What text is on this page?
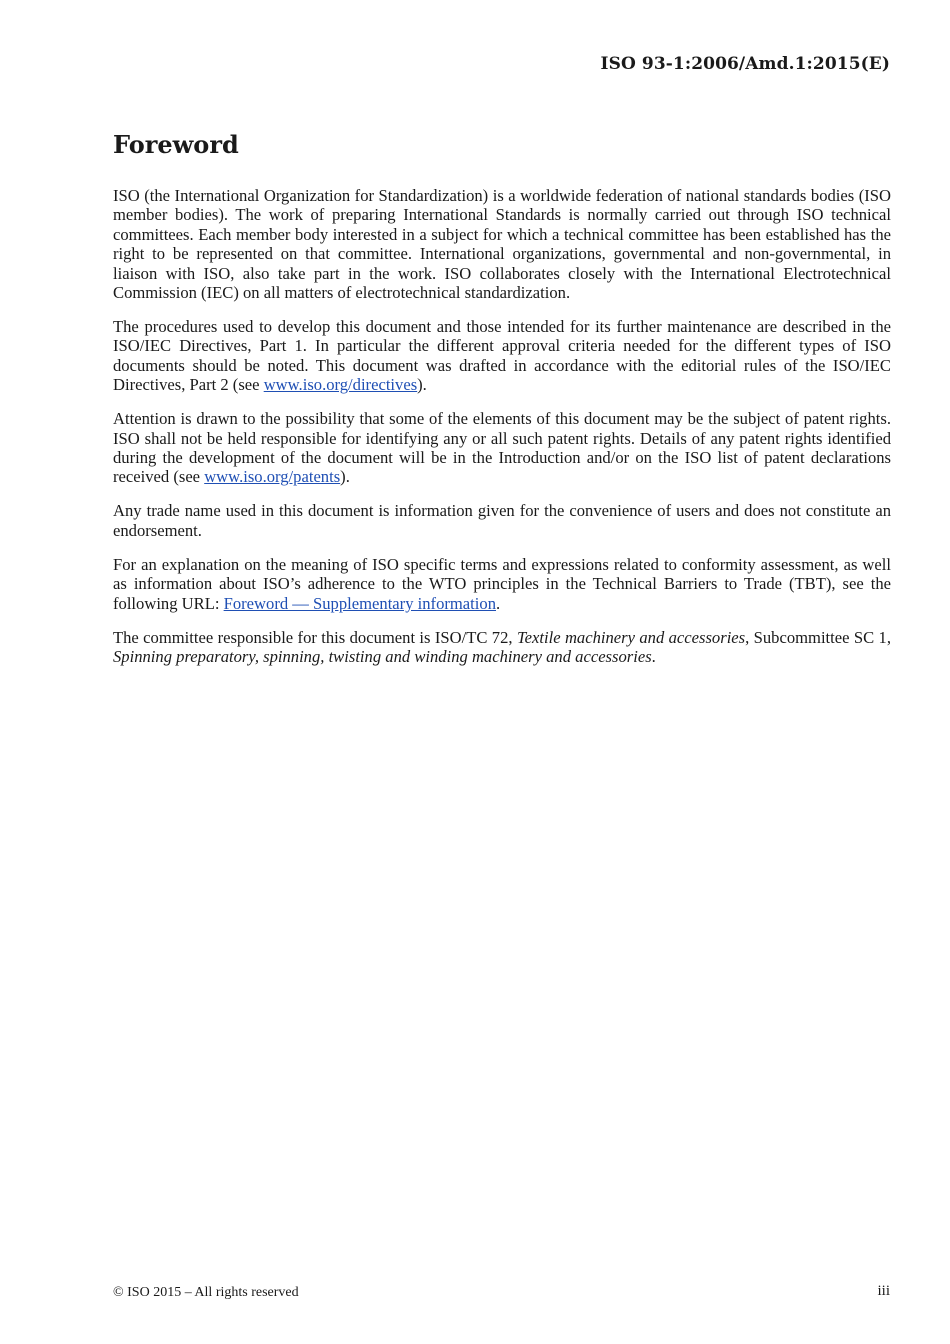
ISO 93-1:2006/Amd.1:2015(E)
Foreword

ISO (the International Organization for Standardization) is a worldwide federation of national standards bodies (ISO member bodies). The work of preparing International Standards is normally carried out through ISO technical committees. Each member body interested in a subject for which a technical committee has been established has the right to be represented on that committee. International organizations, governmental and non-governmental, in liaison with ISO, also take part in the work. ISO collaborates closely with the International Electrotechnical Commission (IEC) on all matters of electrotechnical standardization.

The procedures used to develop this document and those intended for its further maintenance are described in the ISO/IEC Directives, Part 1. In particular the different approval criteria needed for the different types of ISO documents should be noted. This document was drafted in accordance with the editorial rules of the ISO/IEC Directives, Part 2 (see www.iso.org/directives).

Attention is drawn to the possibility that some of the elements of this document may be the subject of patent rights. ISO shall not be held responsible for identifying any or all such patent rights. Details of any patent rights identified during the development of the document will be in the Introduction and/or on the ISO list of patent declarations received (see www.iso.org/patents).

Any trade name used in this document is information given for the convenience of users and does not constitute an endorsement.

For an explanation on the meaning of ISO specific terms and expressions related to conformity assessment, as well as information about ISO’s adherence to the WTO principles in the Technical Barriers to Trade (TBT), see the following URL: Foreword — Supplementary information.

The committee responsible for this document is ISO/TC 72, Textile machinery and accessories, Subcommittee SC 1, Spinning preparatory, spinning, twisting and winding machinery and accessories.

© ISO 2015 – All rights reserved	iii
